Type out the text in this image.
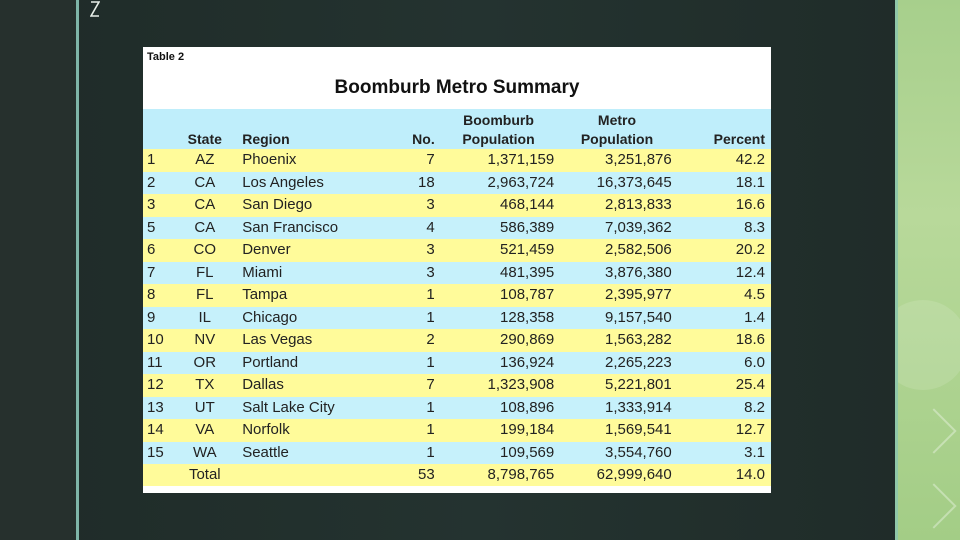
Table 2
Boomburb Metro Summary
				Boomburb	Metro	
	State	Region	No.	Population	Population	Percent
1	AZ	Phoenix	7	1,371,159	3,251,876	42.2
2	CA	Los Angeles	18	2,963,724	16,373,645	18.1
3	CA	San Diego	3	468,144	2,813,833	16.6
5	CA	San Francisco	4	586,389	7,039,362	8.3
6	CO	Denver	3	521,459	2,582,506	20.2
7	FL	Miami	3	481,395	3,876,380	12.4
8	FL	Tampa	1	108,787	2,395,977	4.5
9	IL	Chicago	1	128,358	9,157,540	1.4
10	NV	Las Vegas	2	290,869	1,563,282	18.6
11	OR	Portland	1	136,924	2,265,223	6.0
12	TX	Dallas	7	1,323,908	5,221,801	25.4
13	UT	Salt Lake City	1	108,896	1,333,914	8.2
14	VA	Norfolk	1	199,184	1,569,541	12.7
15	WA	Seattle	1	109,569	3,554,760	3.1
	Total		53	8,798,765	62,999,640	14.0
